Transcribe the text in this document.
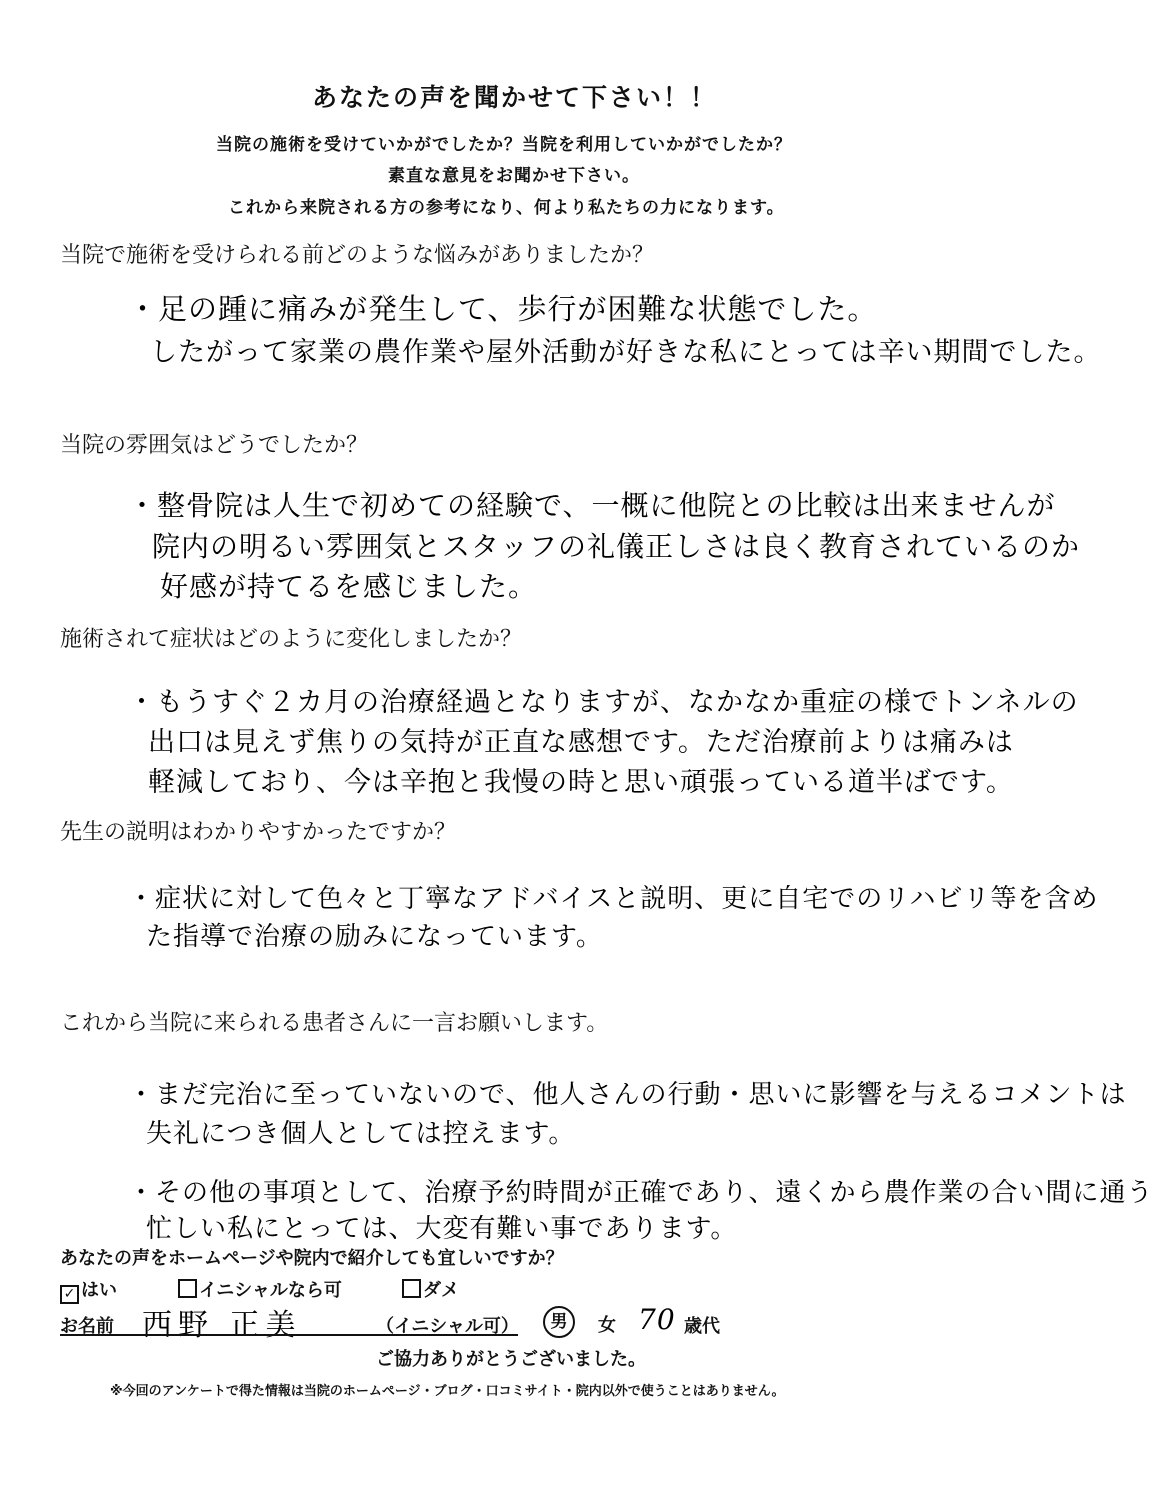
あなたの声を聞かせて下さい！！
当院の施術を受けていかがでしたか？当院を利用していかがでしたか？
素直な意見をお聞かせ下さい。
これから来院される方の参考になり、何より私たちの力になります。
当院で施術を受けられる前どのような悩みがありましたか？
・足の踵に痛みが発生して、歩行が困難な状態でした。
したがって家業の農作業や屋外活動が好きな私にとっては辛い期間でした。
当院の雰囲気はどうでしたか？
・整骨院は人生で初めての経験で、一概に他院との比較は出来ませんが
院内の明るい雰囲気とスタッフの礼儀正しさは良く教育されているのか
好感が持てるを感じました。
施術されて症状はどのように変化しましたか？
・もうすぐ２カ月の治療経過となりますが、なかなか重症の様でトンネルの
出口は見えず焦りの気持が正直な感想です。ただ治療前よりは痛みは
軽減しており、今は辛抱と我慢の時と思い頑張っている道半ばです。
先生の説明はわかりやすかったですか？
・症状に対して色々と丁寧なアドバイスと説明、更に自宅でのリハビリ等を含め
た指導で治療の励みになっています。
これから当院に来られる患者さんに一言お願いします。
・まだ完治に至っていないので、他人さんの行動・思いに影響を与えるコメントは
失礼につき個人としては控えます。
・その他の事項として、治療予約時間が正確であり、遠くから農作業の合い間に通う
忙しい私にとっては、大変有難い事であります。
あなたの声をホームページや院内で紹介しても宜しいですか？
✓ はい	イニシャルなら可	ダメ
お名前 西野 正美	（イニシャル可）	男	女 70 歳代
ご協力ありがとうございました。
※今回のアンケートで得た情報は当院のホームページ・ブログ・口コミサイト・院内以外で使うことはありません。
